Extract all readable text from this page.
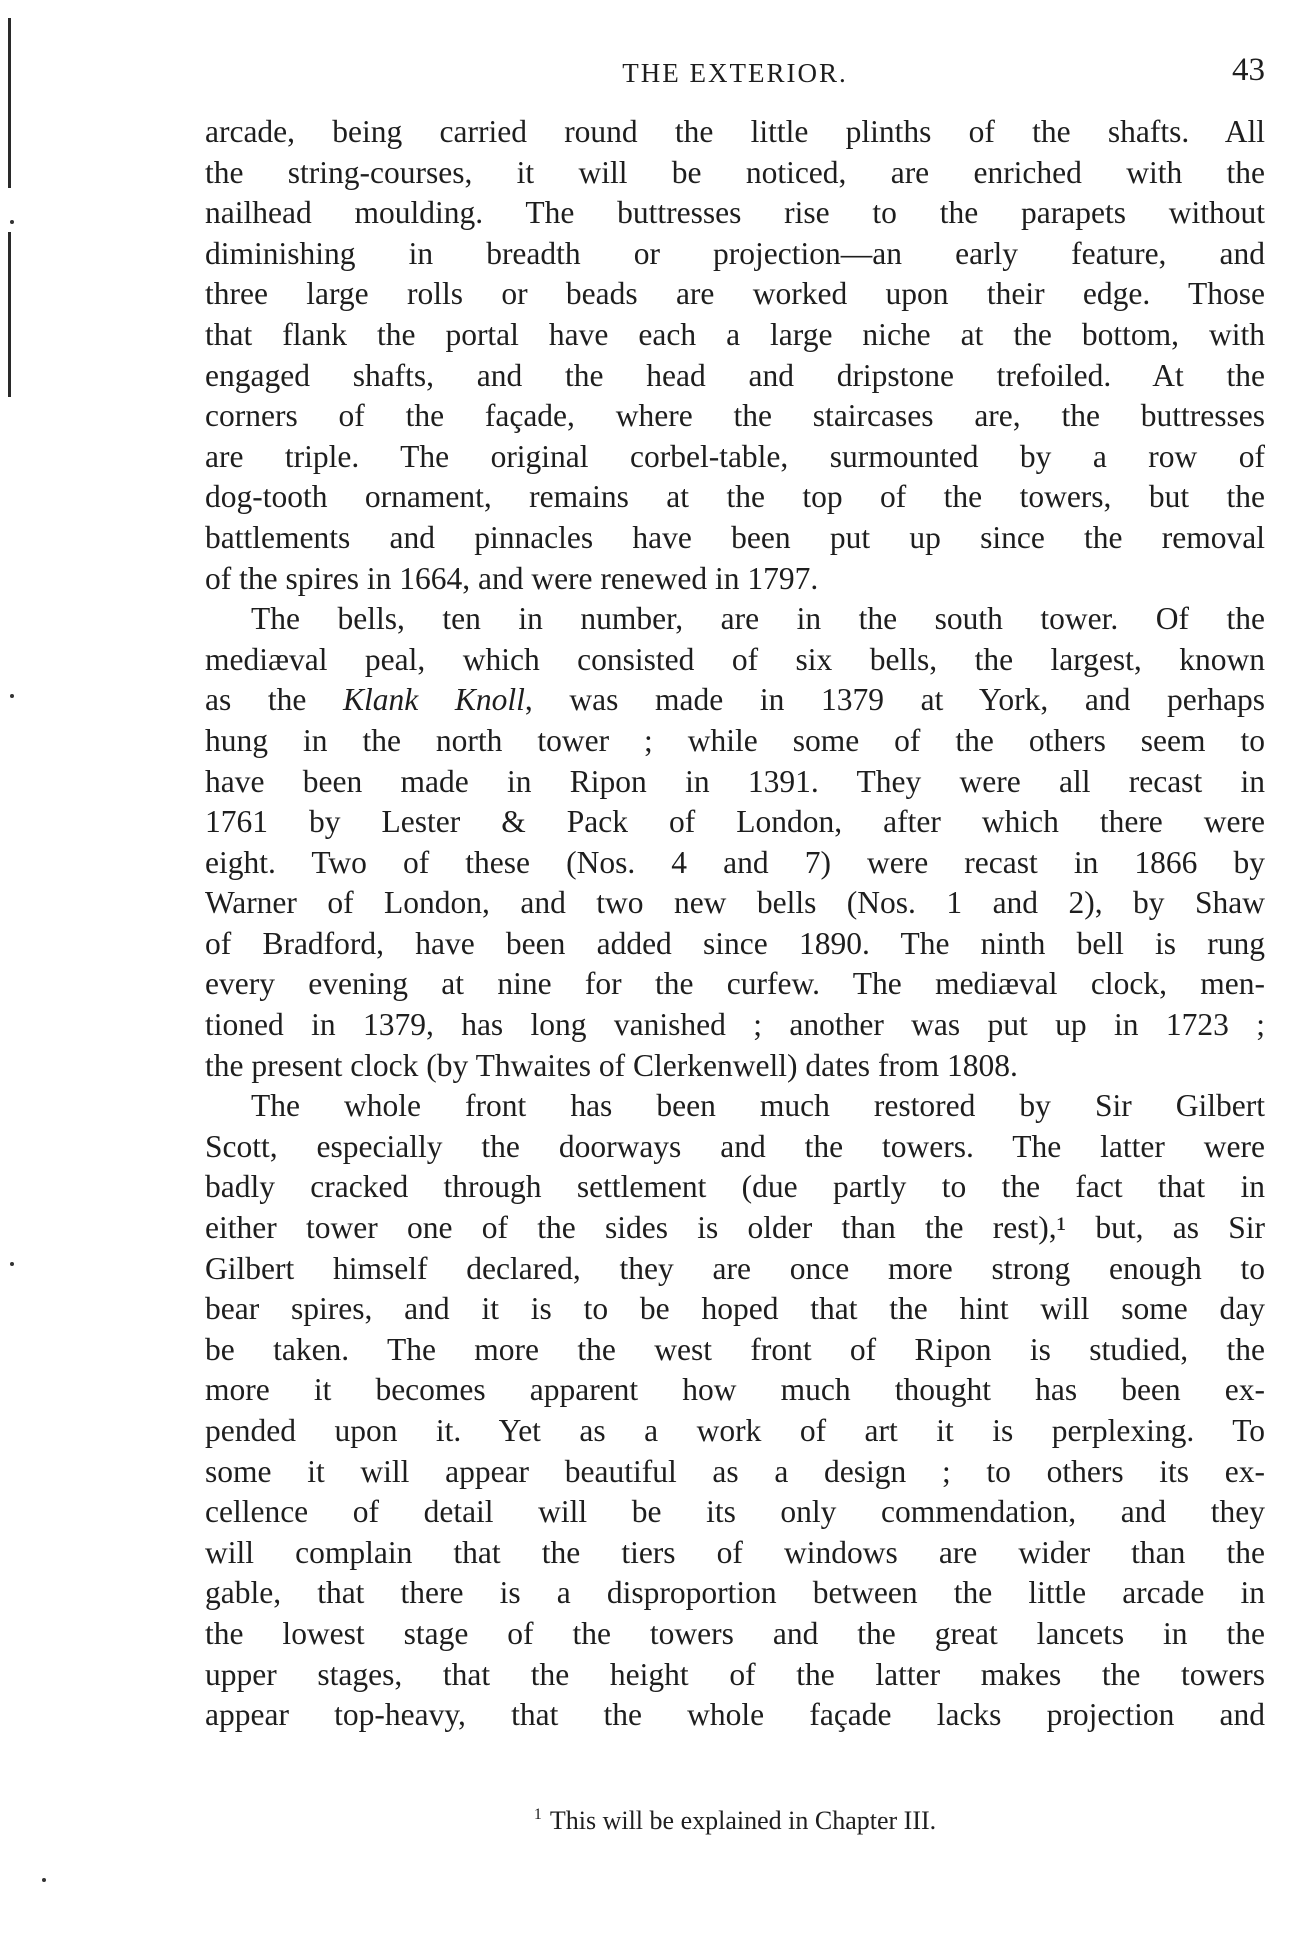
THE EXTERIOR.	43
arcade, being carried round the little plinths of the shafts. All
the string-courses, it will be noticed, are enriched with the
nailhead moulding. The buttresses rise to the parapets without
diminishing in breadth or projection—an early feature, and
three large rolls or beads are worked upon their edge. Those
that flank the portal have each a large niche at the bottom, with
engaged shafts, and the head and dripstone trefoiled. At the
corners of the façade, where the staircases are, the buttresses
are triple. The original corbel-table, surmounted by a row of
dog-tooth ornament, remains at the top of the towers, but the
battlements and pinnacles have been put up since the removal
of the spires in 1664, and were renewed in 1797.
The bells, ten in number, are in the south tower. Of the
mediæval peal, which consisted of six bells, the largest, known
as the Klank Knoll, was made in 1379 at York, and perhaps
hung in the north tower ; while some of the others seem to
have been made in Ripon in 1391. They were all recast in
1761 by Lester & Pack of London, after which there were
eight. Two of these (Nos. 4 and 7) were recast in 1866 by
Warner of London, and two new bells (Nos. 1 and 2), by Shaw
of Bradford, have been added since 1890. The ninth bell is rung
every evening at nine for the curfew. The mediæval clock, men-
tioned in 1379, has long vanished ; another was put up in 1723 ;
the present clock (by Thwaites of Clerkenwell) dates from 1808.
The whole front has been much restored by Sir Gilbert
Scott, especially the doorways and the towers. The latter were
badly cracked through settlement (due partly to the fact that in
either tower one of the sides is older than the rest),¹ but, as Sir
Gilbert himself declared, they are once more strong enough to
bear spires, and it is to be hoped that the hint will some day
be taken. The more the west front of Ripon is studied, the
more it becomes apparent how much thought has been ex-
pended upon it. Yet as a work of art it is perplexing. To
some it will appear beautiful as a design ; to others its ex-
cellence of detail will be its only commendation, and they
will complain that the tiers of windows are wider than the
gable, that there is a disproportion between the little arcade in
the lowest stage of the towers and the great lancets in the
upper stages, that the height of the latter makes the towers
appear top-heavy, that the whole façade lacks projection and
$^1$ This will be explained in Chapter III.
